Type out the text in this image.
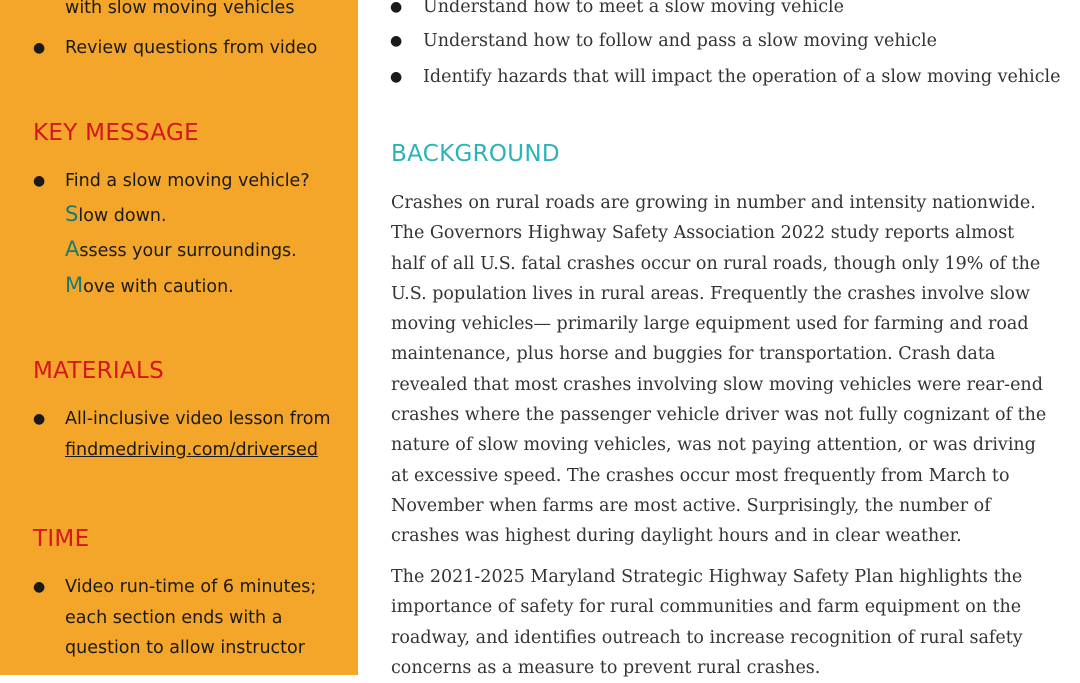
with slow moving vehicles
● Review questions from video
KEY MESSAGE
● Find a slow moving vehicle?
Slow down.
Assess your surroundings.
Move with caution.
MATERIALS
● All-inclusive video lesson from
findmedriving.com/driversed
TIME
● Video run-time of 6 minutes;
each section ends with a
question to allow instructor
● Understand how to meet a slow moving vehicle
● Understand how to follow and pass a slow moving vehicle
● Identify hazards that will impact the operation of a slow moving vehicle
BACKGROUND
Crashes on rural roads are growing in number and intensity nationwide.
The Governors Highway Safety Association 2022 study reports almost
half of all U.S. fatal crashes occur on rural roads, though only 19% of the
U.S. population lives in rural areas. Frequently the crashes involve slow
moving vehicles— primarily large equipment used for farming and road
maintenance, plus horse and buggies for transportation. Crash data
revealed that most crashes involving slow moving vehicles were rear-end
crashes where the passenger vehicle driver was not fully cognizant of the
nature of slow moving vehicles, was not paying attention, or was driving
at excessive speed. The crashes occur most frequently from March to
November when farms are most active. Surprisingly, the number of
crashes was highest during daylight hours and in clear weather.
The 2021-2025 Maryland Strategic Highway Safety Plan highlights the
importance of safety for rural communities and farm equipment on the
roadway, and identifies outreach to increase recognition of rural safety
concerns as a measure to prevent rural crashes.
